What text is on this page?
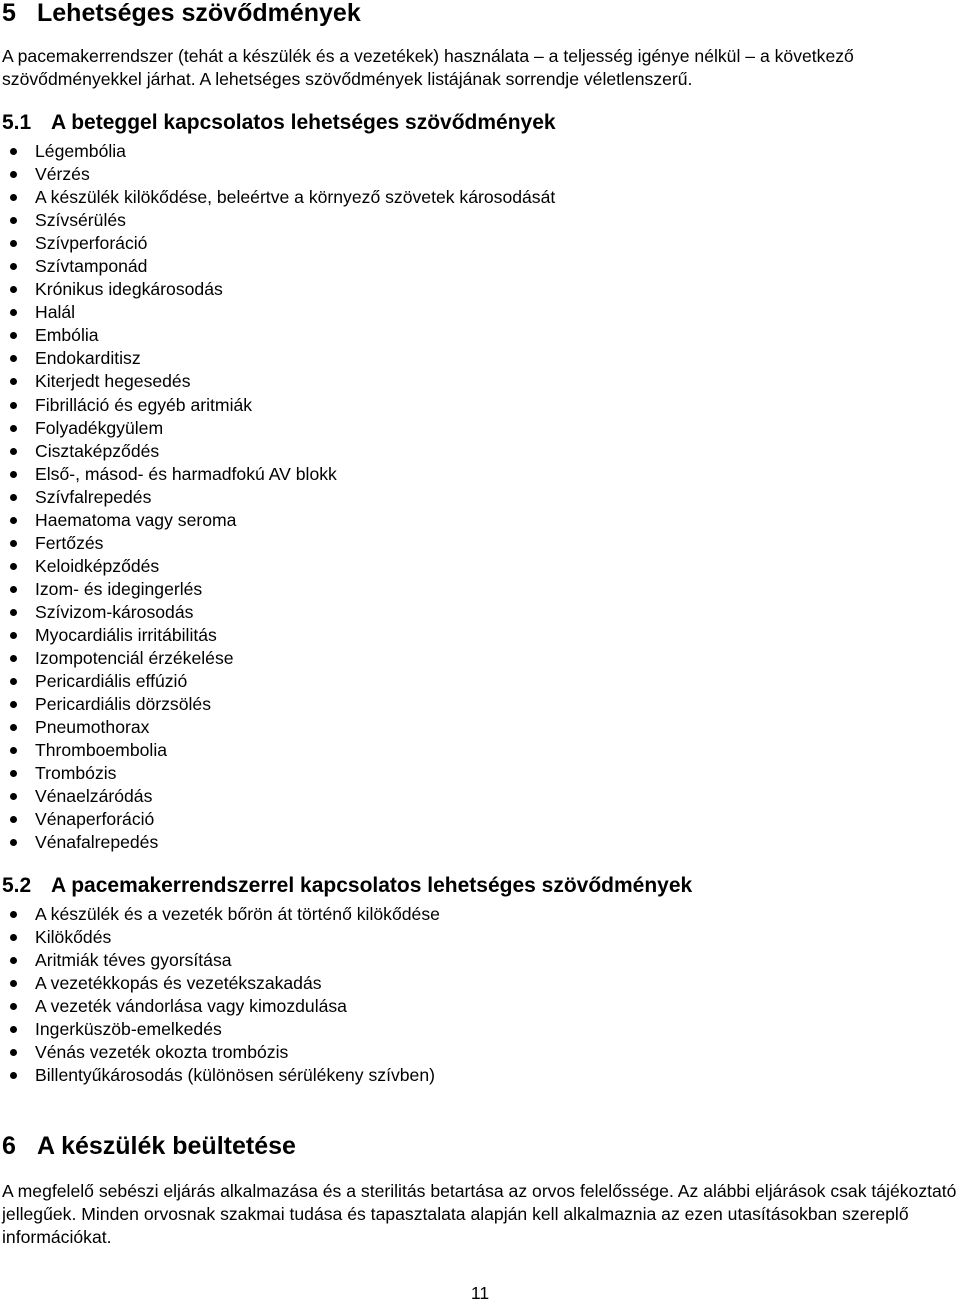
5 Lehetséges szövődmények
A pacemakerrendszer (tehát a készülék és a vezetékek) használata – a teljesség igénye nélkül – a következő szövődményekkel járhat. A lehetséges szövődmények listájának sorrendje véletlenszerű.
5.1 A beteggel kapcsolatos lehetséges szövődmények
Légembólia
Vérzés
A készülék kilökődése, beleértve a környező szövetek károsodását
Szívsérülés
Szívperforáció
Szívtamponád
Krónikus idegkárosodás
Halál
Embólia
Endokarditisz
Kiterjedt hegesedés
Fibrilláció és egyéb aritmiák
Folyadékgyülem
Cisztaképződés
Első-, másod- és harmadfokú AV blokk
Szívfalrepedés
Haematoma vagy seroma
Fertőzés
Keloidképződés
Izom- és idegingerlés
Szívizom-károsodás
Myocardiális irritábilitás
Izompotenciál érzékelése
Pericardiális effúzió
Pericardiális dörzsölés
Pneumothorax
Thromboembolia
Trombózis
Vénaelzáródás
Vénaperforáció
Vénafalrepedés
5.2 A pacemakerrendszerrel kapcsolatos lehetséges szövődmények
A készülék és a vezeték bőrön át történő kilökődése
Kilökődés
Aritmiák téves gyorsítása
A vezetékkopás és vezetékszakadás
A vezeték vándorlása vagy kimozdulása
Ingerküszöb-emelkedés
Vénás vezeték okozta trombózis
Billentyűkárosodás (különösen sérülékeny szívben)
6 A készülék beültetése
A megfelelő sebészi eljárás alkalmazása és a sterilitás betartása az orvos felelőssége. Az alábbi eljárások csak tájékoztató jellegűek. Minden orvosnak szakmai tudása és tapasztalata alapján kell alkalmaznia az ezen utasításokban szereplő információkat.
11
